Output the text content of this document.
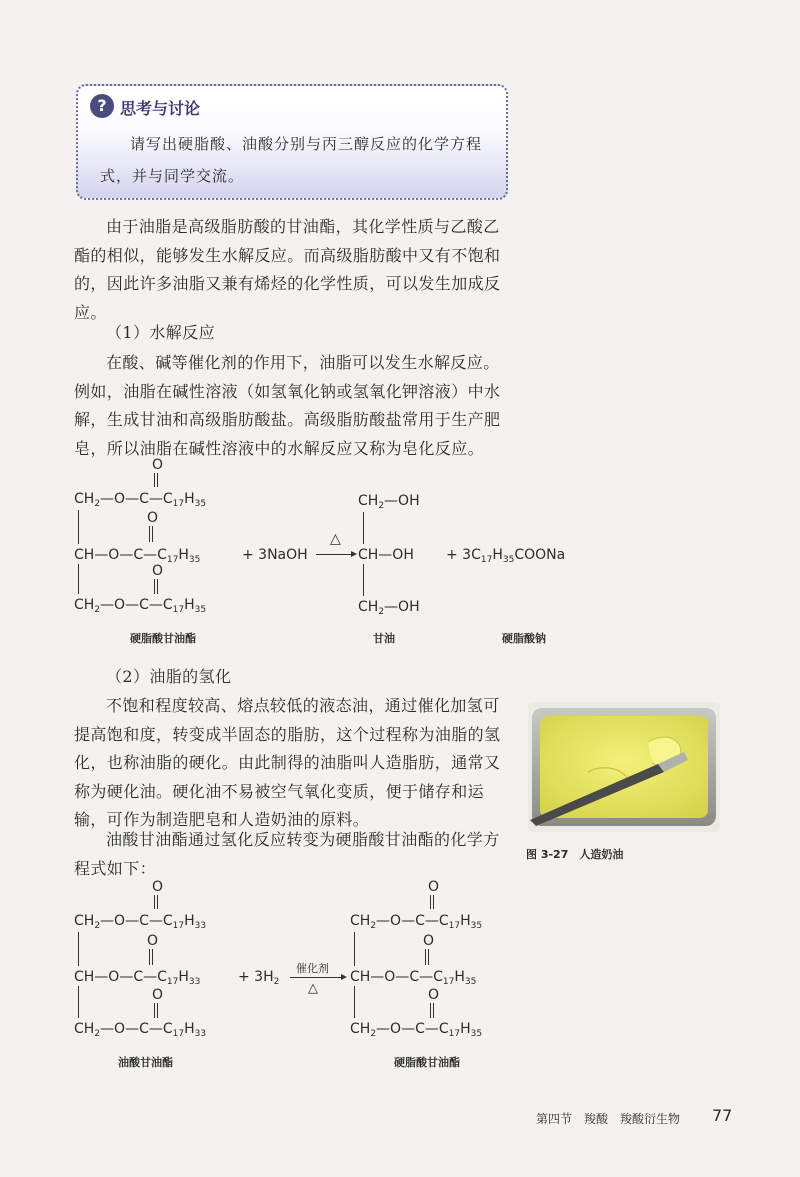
? 思考与讨论

请写出硬脂酸、油酸分别与丙三醇反应的化学方程式，并与同学交流。

由于油脂是高级脂肪酸的甘油酯，其化学性质与乙酸乙酯的相似，能够发生水解反应。而高级脂肪酸中又有不饱和的，因此许多油脂又兼有烯烃的化学性质，可以发生加成反应。

（1）水解反应

在酸、碱等催化剂的作用下，油脂可以发生水解反应。例如，油脂在碱性溶液（如氢氧化钠或氢氧化钾溶液）中水解，生成甘油和高级脂肪酸盐。高级脂肪酸盐常用于生产肥皂，所以油脂在碱性溶液中的水解反应又称为皂化反应。

$CH_2—O—C—C_{17}H_{35}$
$CH—O—C—C_{17}H_{35}$
$CH_2—O—C—C_{17}H_{35}$
O
O
O
+ 3NaOH
△
$CH_2—OH$
CH—OH
$CH_2—OH$
+ $3C_{17}H_{35}COONa$
硬脂酸甘油酯	甘油	硬脂酸钠

（2）油脂的氢化

不饱和程度较高、熔点较低的液态油，通过催化加氢可提高饱和度，转变成半固态的脂肪，这个过程称为油脂的氢化，也称油脂的硬化。由此制得的油脂叫人造脂肪，通常又称为硬化油。硬化油不易被空气氧化变质，便于储存和运输，可作为制造肥皂和人造奶油的原料。

油酸甘油酯通过氢化反应转变为硬脂酸甘油酯的化学方程式如下：

图 3-27　人造奶油
$CH_2—O—C—C_{17}H_{33}$
$CH—O—C—C_{17}H_{33}$
$CH_2—O—C—C_{17}H_{33}$
O
O
O
+ $3H_2$
催化剂
△
$CH_2—O—C—C_{17}H_{35}$
$CH—O—C—C_{17}H_{35}$
$CH_2—O—C—C_{17}H_{35}$
O
O
O
油酸甘油酯	硬脂酸甘油酯
第四节　羧酸　羧酸衍生物 77
